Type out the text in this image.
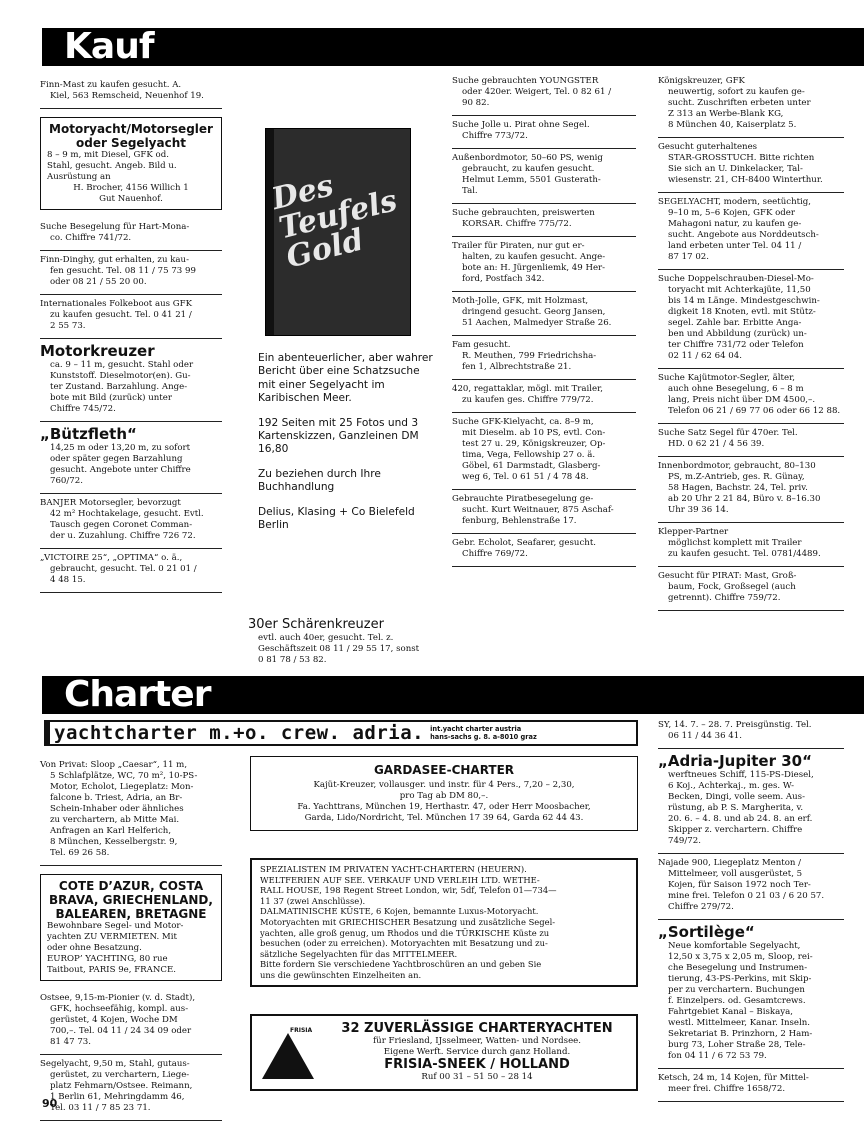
Kauf

Finn-Mast zu kaufen gesucht. A.

Kiel, 563 Remscheid, Neuenhof 19.

Motoryacht/Motorsegler oder Segelyacht

8 – 9 m, mit Diesel, GFK od.

Stahl, gesucht. Angeb. Bild u.

Ausrüstung an

H. Brocher, 4156 Willich 1

Gut Nauenhof.

Suche Besegelung für Hart-Mona-

co. Chiffre 741/72.

Finn-Dinghy, gut erhalten, zu kau-

fen gesucht. Tel. 08 11 / 75 73 99

oder 08 21 / 55 20 00.

Internationales Folkeboot aus GFK

zu kaufen gesucht. Tel. 0 41 21 /

2 55 73.

Motorkreuzer

ca. 9 – 11 m, gesucht. Stahl oder

Kunststoff. Dieselmotor(en). Gu-

ter Zustand. Barzahlung. Ange-

bote mit Bild (zurück) unter

Chiffre 745/72.

„Bützfleth“

14,25 m oder 13,20 m, zu sofort

oder später gegen Barzahlung

gesucht. Angebote unter Chiffre

760/72.

BANJER Motorsegler, bevorzugt

42 m² Hochtakelage, gesucht. Evtl.

Tausch gegen Coronet Comman-

der u. Zuzahlung. Chiffre 726 72.

„VICTOIRE 25“, „OPTIMA“ o. ä.,

gebraucht, gesucht. Tel. 0 21 01 /

4 48 15.

Des Teufels Gold

Ein abenteuerlicher, aber wahrer Bericht über eine Schatzsuche mit einer Segelyacht im Karibischen Meer.

192 Seiten mit 25 Fotos und 3 Kartenskizzen, Ganzleinen DM 16,80

Zu beziehen durch Ihre Buchhandlung

Delius, Klasing + Co Bielefeld Berlin

30er Schärenkreuzer

evtl. auch 40er, gesucht. Tel. z.

Geschäftszeit 08 11 / 29 55 17, sonst

0 81 78 / 53 82.

Suche gebrauchten YOUNGSTER

oder 420er. Weigert, Tel. 0 82 61 /

90 82.

Suche Jolle u. Pirat ohne Segel.

Chiffre 773/72.

Außenbordmotor, 50–60 PS, wenig

gebraucht, zu kaufen gesucht.

Helmut Lemm, 5501 Gusterath-

Tal.

Suche gebrauchten, preiswerten

KORSAR. Chiffre 775/72.

Trailer für Piraten, nur gut er-

halten, zu kaufen gesucht. Ange-

bote an: H. Jürgenliemk, 49 Her-

ford, Postfach 342.

Moth-Jolle, GFK, mit Holzmast,

dringend gesucht. Georg Jansen,

51 Aachen, Malmedyer Straße 26.

Fam gesucht.

R. Meuthen, 799 Friedrichsha-

fen 1, Albrechtstraße 21.

420, regattaklar, mögl. mit Trailer,

zu kaufen ges. Chiffre 779/72.

Suche GFK-Kielyacht, ca. 8–9 m,

mit Dieselm. ab 10 PS, evtl. Con-

test 27 u. 29, Königskreuzer, Op-

tima, Vega, Fellowship 27 o. ä.

Göbel, 61 Darmstadt, Glasberg-

weg 6, Tel. 0 61 51 / 4 78 48.

Gebrauchte Piratbesegelung ge-

sucht. Kurt Weitnauer, 875 Aschaf-

fenburg, Behlenstraße 17.

Gebr. Echolot, Seafarer, gesucht.

Chiffre 769/72.

Königskreuzer, GFK

neuwertig, sofort zu kaufen ge-

sucht. Zuschriften erbeten unter

Z 313 an Werbe-Blank KG,

8 München 40, Kaiserplatz 5.

Gesucht guterhaltenes

STAR-GROSSTUCH. Bitte richten

Sie sich an U. Dinkelacker, Tal-

wiesenstr. 21, CH-8400 Winterthur.

SEGELYACHT, modern, seetüchtig,

9–10 m, 5–6 Kojen, GFK oder

Mahagoni natur, zu kaufen ge-

sucht. Angebote aus Norddeutsch-

land erbeten unter Tel. 04 11 /

87 17 02.

Suche Doppelschrauben-Diesel-Mo-

toryacht mit Achterkajüte, 11,50

bis 14 m Länge. Mindestgeschwin-

digkeit 18 Knoten, evtl. mit Stütz-

segel. Zahle bar. Erbitte Anga-

ben und Abbildung (zurück) un-

ter Chiffre 731/72 oder Telefon

02 11 / 62 64 04.

Suche Kajütmotor-Segler, älter,

auch ohne Besegelung, 6 – 8 m

lang, Preis nicht über DM 4500,–.

Telefon 06 21 / 69 77 06 oder 66 12 88.

Suche Satz Segel für 470er. Tel.

HD. 0 62 21 / 4 56 39.

Innenbordmotor, gebraucht, 80–130

PS, m.Z-Antrieb, ges. R. Günay,

58 Hagen, Bachstr. 24, Tel. priv.

ab 20 Uhr 2 21 84, Büro v. 8–16.30

Uhr 39 36 14.

Klepper-Partner

möglichst komplett mit Trailer

zu kaufen gesucht. Tel. 0781/4489.

Gesucht für PIRAT: Mast, Groß-

baum, Fock, Großsegel (auch

getrennt). Chiffre 759/72.

Charter
yachtcharter m.+o. crew. adria. int.yacht charter austria
hans-sachs g. 8. a-8010 graz

Von Privat: Sloop „Caesar“, 11 m,

5 Schlafplätze, WC, 70 m², 10-PS-

Motor, Echolot, Liegeplatz: Mon-

falcone b. Triest, Adria, an Br-

Schein-Inhaber oder ähnliches

zu verchartern, ab Mitte Mai.

Anfragen an Karl Helferich,

8 München, Kesselbergstr. 9,

Tel. 69 26 58.

COTE D’AZUR, COSTA BRAVA, GRIECHENLAND, BALEAREN, BRETAGNE

Bewohnbare Segel- und Motor-

yachten ZU VERMIETEN. Mit

oder ohne Besatzung.

EUROP’ YACHTING, 80 rue

Taitbout, PARIS 9e, FRANCE.

Ostsee, 9,15-m-Pionier (v. d. Stadt),

GFK, hochseefähig, kompl. aus-

gerüstet, 4 Kojen, Woche DM

700,–. Tel. 04 11 / 24 34 09 oder

81 47 73.

Segelyacht, 9,50 m, Stahl, gutaus-

gerüstet, zu verchartern, Liege-

platz Fehmarn/Ostsee. Reimann,

1 Berlin 61, Mehringdamm 46,

Tel. 03 11 / 7 85 23 71.

GARDASEE-CHARTER

Kajüt-Kreuzer, vollausger. und instr. für 4 Pers., 7,20 – 2,30,

pro Tag ab DM 80,–.

Fa. Yachttrans, München 19, Herthastr. 47, oder Herr Moosbacher,

Garda, Lido/Nordricht, Tel. München 17 39 64, Garda 62 44 43.

SPEZIALISTEN IM PRIVATEN YACHT-CHARTERN (HEUERN).

WELTFERIEN AUF SEE. VERKAUF UND VERLEIH LTD. WETHE-

RALL HOUSE, 198 Regent Street London, wir, 5df, Telefon 01—734—

11 37 (zwei Anschlüsse).

DALMATINISCHE KÜSTE, 6 Kojen, bemannte Luxus-Motoryacht.

Motoryachten mit GRIECHISCHER Besatzung und zusätzliche Segel-

yachten, alle groß genug, um Rhodos und die TÜRKISCHE Küste zu

besuchen (oder zu erreichen). Motoryachten mit Besatzung und zu-

sätzliche Segelyachten für das MITTELMEER.

Bitte fordern Sie verschiedene Yachtbroschüren an und geben Sie

uns die gewünschten Einzelheiten an.

FRISIA	32 ZUVERLÄSSIGE CHARTERYACHTEN

für Friesland, IJsselmeer, Watten- und Nordsee.

Eigene Werft. Service durch ganz Holland.

FRISIA-SNEEK / HOLLAND
Ruf 00 31 – 51 50 – 28 14

SY, 14. 7. – 28. 7. Preisgünstig. Tel.

06 11 / 44 36 41.

„Adria-Jupiter 30“

werftneues Schiff, 115-PS-Diesel,

6 Koj., Achterkaj., m. ges. W-

Becken, Dingi, volle seem. Aus-

rüstung, ab P. S. Margherita, v.

20. 6. – 4. 8. und ab 24. 8. an erf.

Skipper z. verchartern. Chiffre

749/72.

Najade 900, Liegeplatz Menton /

Mittelmeer, voll ausgerüstet, 5

Kojen, für Saison 1972 noch Ter-

mine frei. Telefon 0 21 03 / 6 20 57.

Chiffre 279/72.

„Sortilège“

Neue komfortable Segelyacht,

12,50 x 3,75 x 2,05 m, Sloop, rei-

che Besegelung und Instrumen-

tierung, 43-PS-Perkins, mit Skip-

per zu verchartern. Buchungen

f. Einzelpers. od. Gesamtcrews.

Fahrtgebiet Kanal – Biskaya,

westl. Mittelmeer, Kanar. Inseln.

Sekretariat B. Prinzhorn, 2 Ham-

burg 73, Loher Straße 28, Tele-

fon 04 11 / 6 72 53 79.

Ketsch, 24 m, 14 Kojen, für Mittel-

meer frei. Chiffre 1658/72.

90
